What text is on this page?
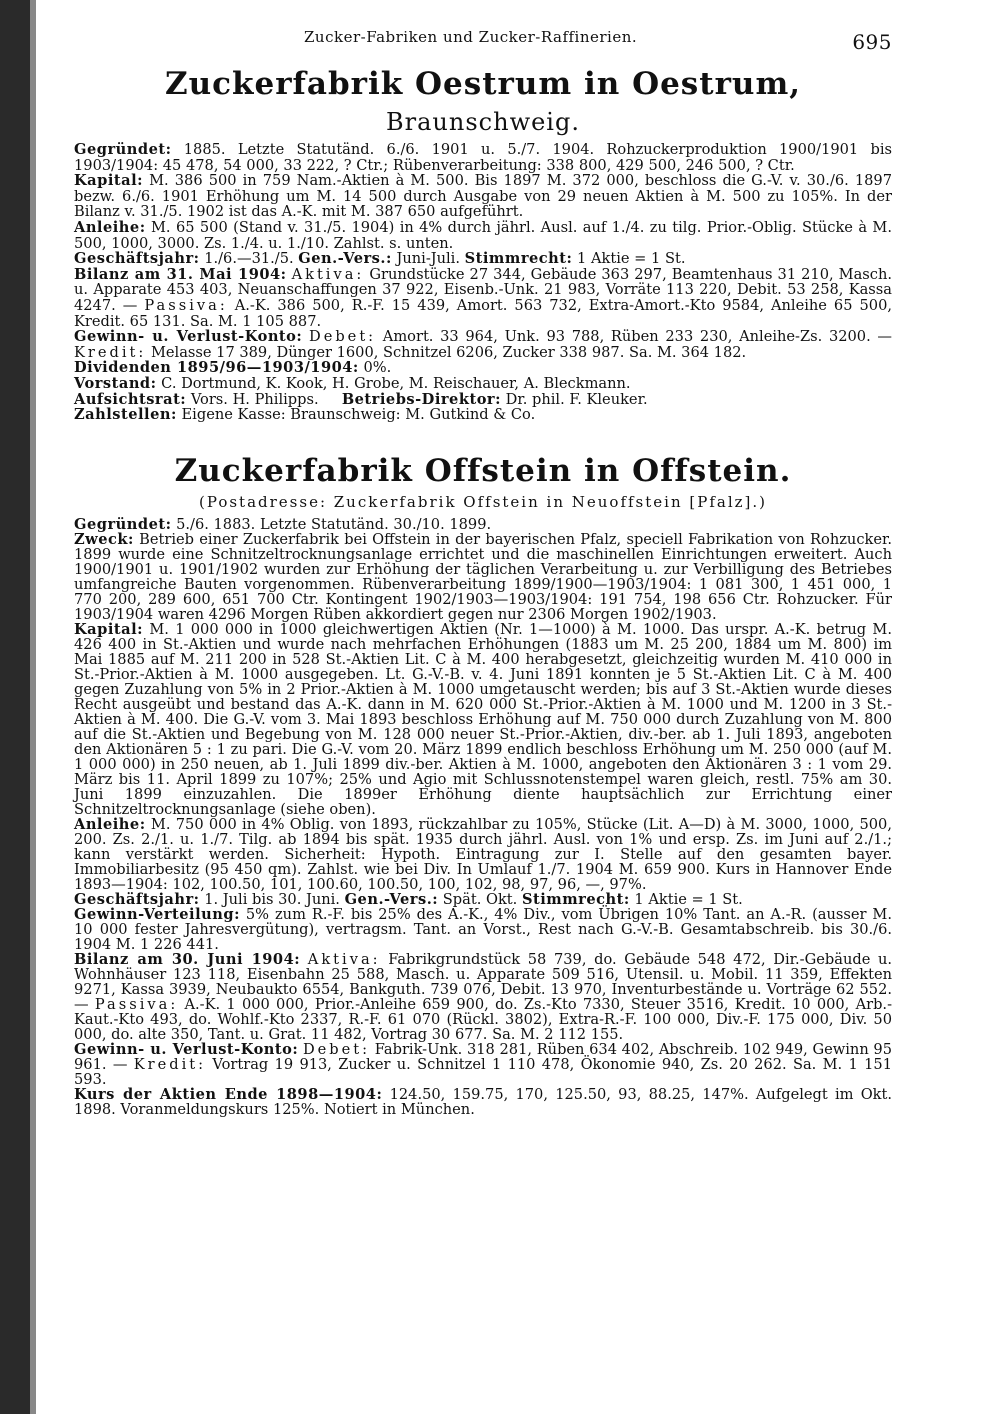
Zucker-Fabriken und Zucker-Raffinerien.	695
Zuckerfabrik Oestrum in Oestrum, Braunschweig.

Gegründet: 1885. Letzte Statutänd. 6./6. 1901 u. 5./7. 1904. Rohzuckerproduktion 1900/1901 bis 1903/1904: 45 478, 54 000, 33 222, ? Ctr.; Rübenverarbeitung: 338 800, 429 500, 246 500, ? Ctr.

Kapital: M. 386 500 in 759 Nam.-Aktien à M. 500. Bis 1897 M. 372 000, beschloss die G.-V. v. 30./6. 1897 bezw. 6./6. 1901 Erhöhung um M. 14 500 durch Ausgabe von 29 neuen Aktien à M. 500 zu 105%. In der Bilanz v. 31./5. 1902 ist das A.-K. mit M. 387 650 aufgeführt.

Anleihe: M. 65 500 (Stand v. 31./5. 1904) in 4% durch jährl. Ausl. auf 1./4. zu tilg. Prior.-Oblig. Stücke à M. 500, 1000, 3000. Zs. 1./4. u. 1./10. Zahlst. s. unten.

Geschäftsjahr: 1./6.—31./5. Gen.-Vers.: Juni-Juli. Stimmrecht: 1 Aktie = 1 St.

Bilanz am 31. Mai 1904: Aktiva: Grundstücke 27 344, Gebäude 363 297, Beamtenhaus 31 210, Masch. u. Apparate 453 403, Neuanschaffungen 37 922, Eisenb.-Unk. 21 983, Vorräte 113 220, Debit. 53 258, Kassa 4247. — Passiva: A.-K. 386 500, R.-F. 15 439, Amort. 563 732, Extra-Amort.-Kto 9584, Anleihe 65 500, Kredit. 65 131. Sa. M. 1 105 887.

Gewinn- u. Verlust-Konto: Debet: Amort. 33 964, Unk. 93 788, Rüben 233 230, Anleihe-Zs. 3200. — Kredit: Melasse 17 389, Dünger 1600, Schnitzel 6206, Zucker 338 987. Sa. M. 364 182.

Dividenden 1895/96—1903/1904: 0%.

Vorstand: C. Dortmund, K. Kook, H. Grobe, M. Reischauer, A. Bleckmann.

Aufsichtsrat: Vors. H. Philipps. Betriebs-Direktor: Dr. phil. F. Kleuker.

Zahlstellen: Eigene Kasse: Braunschweig: M. Gutkind & Co.

Zuckerfabrik Offstein in Offstein.
(Postadresse: Zuckerfabrik Offstein in Neuoffstein [Pfalz].)

Gegründet: 5./6. 1883. Letzte Statutänd. 30./10. 1899.

Zweck: Betrieb einer Zuckerfabrik bei Offstein in der bayerischen Pfalz, speciell Fabrikation von Rohzucker. 1899 wurde eine Schnitzeltrocknungsanlage errichtet und die maschinellen Einrichtungen erweitert. Auch 1900/1901 u. 1901/1902 wurden zur Erhöhung der täglichen Verarbeitung u. zur Verbilligung des Betriebes umfangreiche Bauten vorgenommen. Rübenverarbeitung 1899/1900—1903/1904: 1 081 300, 1 451 000, 1 770 200, 289 600, 651 700 Ctr. Kontingent 1902/1903—1903/1904: 191 754, 198 656 Ctr. Rohzucker. Für 1903/1904 waren 4296 Morgen Rüben akkordiert gegen nur 2306 Morgen 1902/1903.

Kapital: M. 1 000 000 in 1000 gleichwertigen Aktien (Nr. 1—1000) à M. 1000. Das urspr. A.-K. betrug M. 426 400 in St.-Aktien und wurde nach mehrfachen Erhöhungen (1883 um M. 25 200, 1884 um M. 800) im Mai 1885 auf M. 211 200 in 528 St.-Aktien Lit. C à M. 400 herabgesetzt, gleichzeitig wurden M. 410 000 in St.-Prior.-Aktien à M. 1000 ausgegeben. Lt. G.-V.-B. v. 4. Juni 1891 konnten je 5 St.-Aktien Lit. C à M. 400 gegen Zuzahlung von 5% in 2 Prior.-Aktien à M. 1000 umgetauscht werden; bis auf 3 St.-Aktien wurde dieses Recht ausgeübt und bestand das A.-K. dann in M. 620 000 St.-Prior.-Aktien à M. 1000 und M. 1200 in 3 St.-Aktien à M. 400. Die G.-V. vom 3. Mai 1893 beschloss Erhöhung auf M. 750 000 durch Zuzahlung von M. 800 auf die St.-Aktien und Begebung von M. 128 000 neuer St.-Prior.-Aktien, div.-ber. ab 1. Juli 1893, angeboten den Aktionären 5 : 1 zu pari. Die G.-V. vom 20. März 1899 endlich beschloss Erhöhung um M. 250 000 (auf M. 1 000 000) in 250 neuen, ab 1. Juli 1899 div.-ber. Aktien à M. 1000, angeboten den Aktionären 3 : 1 vom 29. März bis 11. April 1899 zu 107%; 25% und Agio mit Schlussnotenstempel waren gleich, restl. 75% am 30. Juni 1899 einzuzahlen. Die 1899er Erhöhung diente hauptsächlich zur Errichtung einer Schnitzeltrocknungsanlage (siehe oben).

Anleihe: M. 750 000 in 4% Oblig. von 1893, rückzahlbar zu 105%, Stücke (Lit. A—D) à M. 3000, 1000, 500, 200. Zs. 2./1. u. 1./7. Tilg. ab 1894 bis spät. 1935 durch jährl. Ausl. von 1% und ersp. Zs. im Juni auf 2./1.; kann verstärkt werden. Sicherheit: Hypoth. Eintragung zur I. Stelle auf den gesamten bayer. Immobiliarbesitz (95 450 qm). Zahlst. wie bei Div. In Umlauf 1./7. 1904 M. 659 900. Kurs in Hannover Ende 1893—1904: 102, 100.50, 101, 100.60, 100.50, 100, 102, 98, 97, 96, —, 97%.

Geschäftsjahr: 1. Juli bis 30. Juni. Gen.-Vers.: Spät. Okt. Stimmrecht: 1 Aktie = 1 St.

Gewinn-Verteilung: 5% zum R.-F. bis 25% des A.-K., 4% Div., vom Übrigen 10% Tant. an A.-R. (ausser M. 10 000 fester Jahresvergütung), vertragsm. Tant. an Vorst., Rest nach G.-V.-B. Gesamtabschreib. bis 30./6. 1904 M. 1 226 441.

Bilanz am 30. Juni 1904: Aktiva: Fabrikgrundstück 58 739, do. Gebäude 548 472, Dir.-Gebäude u. Wohnhäuser 123 118, Eisenbahn 25 588, Masch. u. Apparate 509 516, Utensil. u. Mobil. 11 359, Effekten 9271, Kassa 3939, Neubaukto 6554, Bankguth. 739 076, Debit. 13 970, Inventurbestände u. Vorträge 62 552. — Passiva: A.-K. 1 000 000, Prior.-Anleihe 659 900, do. Zs.-Kto 7330, Steuer 3516, Kredit. 10 000, Arb.-Kaut.-Kto 493, do. Wohlf.-Kto 2337, R.-F. 61 070 (Rückl. 3802), Extra-R.-F. 100 000, Div.-F. 175 000, Div. 50 000, do. alte 350, Tant. u. Grat. 11 482, Vortrag 30 677. Sa. M. 2 112 155.

Gewinn- u. Verlust-Konto: Debet: Fabrik-Unk. 318 281, Rüben 634 402, Abschreib. 102 949, Gewinn 95 961. — Kredit: Vortrag 19 913, Zucker u. Schnitzel 1 110 478, Ökonomie 940, Zs. 20 262. Sa. M. 1 151 593.

Kurs der Aktien Ende 1898—1904: 124.50, 159.75, 170, 125.50, 93, 88.25, 147%. Aufgelegt im Okt. 1898. Voranmeldungskurs 125%. Notiert in München.
